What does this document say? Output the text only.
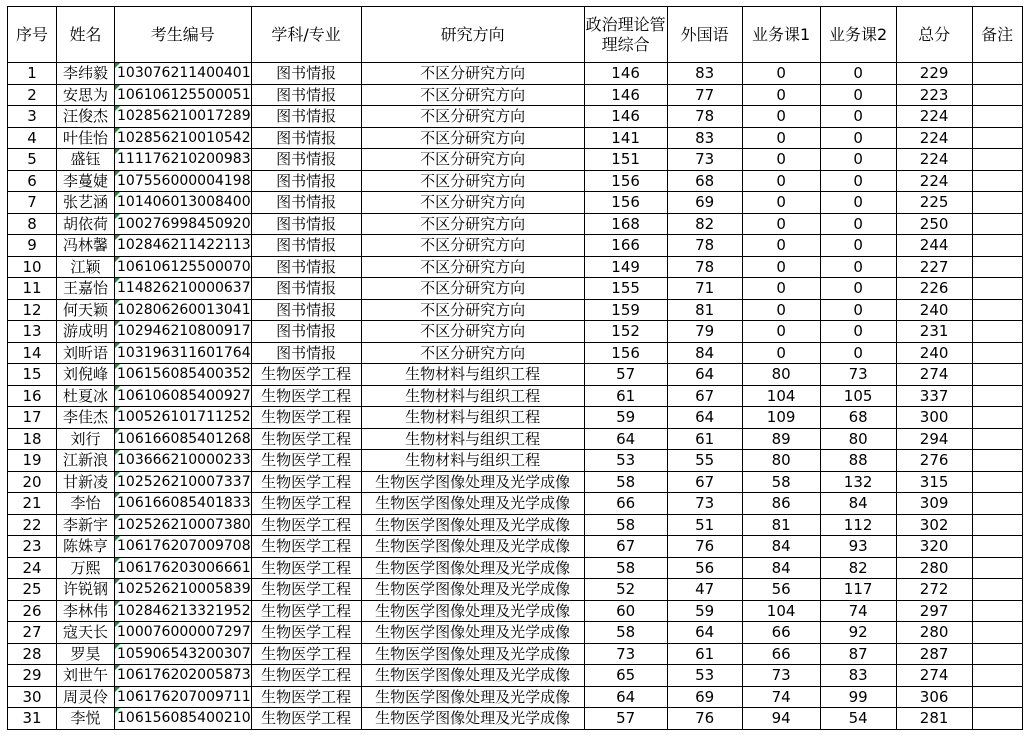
序号	姓名	考生编号	学科/专业	研究方向	政治理论管理综合	外国语	业务课1	业务课2	总分	备注
1	李纬毅	103076211400401	图书情报	不区分研究方向	146	83	0	0	229	
2	安思为	106106125500051	图书情报	不区分研究方向	146	77	0	0	223	
3	汪俊杰	102856210017289	图书情报	不区分研究方向	146	78	0	0	224	
4	叶佳怡	102856210010542	图书情报	不区分研究方向	141	83	0	0	224	
5	盛钰	111176210200983	图书情报	不区分研究方向	151	73	0	0	224	
6	李蔓婕	107556000004198	图书情报	不区分研究方向	156	68	0	0	224	
7	张艺涵	101406013008400	图书情报	不区分研究方向	156	69	0	0	225	
8	胡依荷	100276998450920	图书情报	不区分研究方向	168	82	0	0	250	
9	冯林馨	102846211422113	图书情报	不区分研究方向	166	78	0	0	244	
10	江颖	106106125500070	图书情报	不区分研究方向	149	78	0	0	227	
11	王嘉怡	114826210000637	图书情报	不区分研究方向	155	71	0	0	226	
12	何天颖	102806260013041	图书情报	不区分研究方向	159	81	0	0	240	
13	游成明	102946210800917	图书情报	不区分研究方向	152	79	0	0	231	
14	刘昕语	103196311601764	图书情报	不区分研究方向	156	84	0	0	240	
15	刘倪峰	106156085400352	生物医学工程	生物材料与组织工程	57	64	80	73	274	
16	杜夏冰	106106085400927	生物医学工程	生物材料与组织工程	61	67	104	105	337	
17	李佳杰	100526101711252	生物医学工程	生物材料与组织工程	59	64	109	68	300	
18	刘行	106166085401268	生物医学工程	生物材料与组织工程	64	61	89	80	294	
19	江新浪	103666210000233	生物医学工程	生物材料与组织工程	53	55	80	88	276	
20	甘新凌	102526210007337	生物医学工程	生物医学图像处理及光学成像	58	67	58	132	315	
21	李怡	106166085401833	生物医学工程	生物医学图像处理及光学成像	66	73	86	84	309	
22	李新宇	102526210007380	生物医学工程	生物医学图像处理及光学成像	58	51	81	112	302	
23	陈姝亨	106176207009708	生物医学工程	生物医学图像处理及光学成像	67	76	84	93	320	
24	万熙	106176203006661	生物医学工程	生物医学图像处理及光学成像	58	56	84	82	280	
25	许锐钢	102526210005839	生物医学工程	生物医学图像处理及光学成像	52	47	56	117	272	
26	李林伟	102846213321952	生物医学工程	生物医学图像处理及光学成像	60	59	104	74	297	
27	寇天长	100076000007297	生物医学工程	生物医学图像处理及光学成像	58	64	66	92	280	
28	罗昊	105906543200307	生物医学工程	生物医学图像处理及光学成像	73	61	66	87	287	
29	刘世午	106176202005873	生物医学工程	生物医学图像处理及光学成像	65	53	73	83	274	
30	周灵伶	106176207009711	生物医学工程	生物医学图像处理及光学成像	64	69	74	99	306	
31	李悦	106156085400210	生物医学工程	生物医学图像处理及光学成像	57	76	94	54	281	
